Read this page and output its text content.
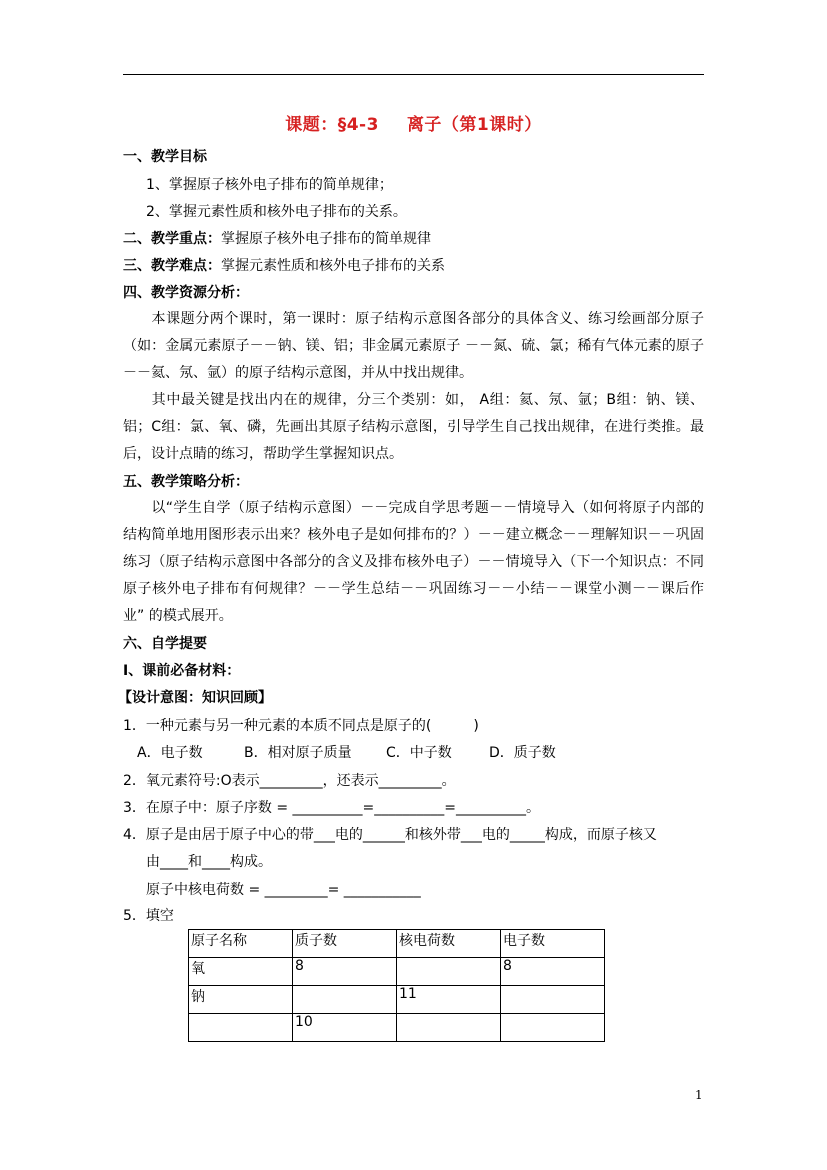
课题：§4-3 离子（第1课时）
一、教学目标
1、掌握原子核外电子排布的简单规律；
2、掌握元素性质和核外电子排布的关系。
二、教学重点：掌握原子核外电子排布的简单规律
三、教学难点：掌握元素性质和核外电子排布的关系
四、教学资源分析：
本课题分两个课时，第一课时：原子结构示意图各部分的具体含义、练习绘画部分原子（如：金属元素原子－－钠、镁、铝；非金属元素原子 －－氮、硫、氯；稀有气体元素的原子－－氦、氖、氩）的原子结构示意图，并从中找出规律。
其中最关键是找出内在的规律，分三个类别：如， A组：氦、氖、氩；B组：钠、镁、铝；C组：氯、氧、磷，先画出其原子结构示意图，引导学生自己找出规律，在进行类推。最后，设计点睛的练习，帮助学生掌握知识点。
五、教学策略分析：
以“学生自学（原子结构示意图）－－完成自学思考题－－情境导入（如何将原子内部的结构简单地用图形表示出来？核外电子是如何排布的？）－－建立概念－－理解知识－－巩固练习（原子结构示意图中各部分的含义及排布核外电子）－－情境导入（下一个知识点：不同原子核外电子排布有何规律？－－学生总结－－巩固练习－－小结－－课堂小测－－课后作业” 的模式展开。
六、自学提要
Ⅰ、课前必备材料：
【设计意图：知识回顾】
1．一种元素与另一种元素的本质不同点是原子的(　　　)
A．电子数	B．相对原子质量 C．中子数	D．质子数
2．氧元素符号:O表示_________，还表示_________。
3．在原子中：原子序数 = __________=__________=__________。
4．原子是由居于原子中心的带___电的______和核外带___电的_____构成，而原子核又
由____和____构成。
原子中核电荷数 = _________= ___________
5．填空
原子名称	质子数	核电荷数	电子数
氧	8		8
钠		11	
	10		
1
